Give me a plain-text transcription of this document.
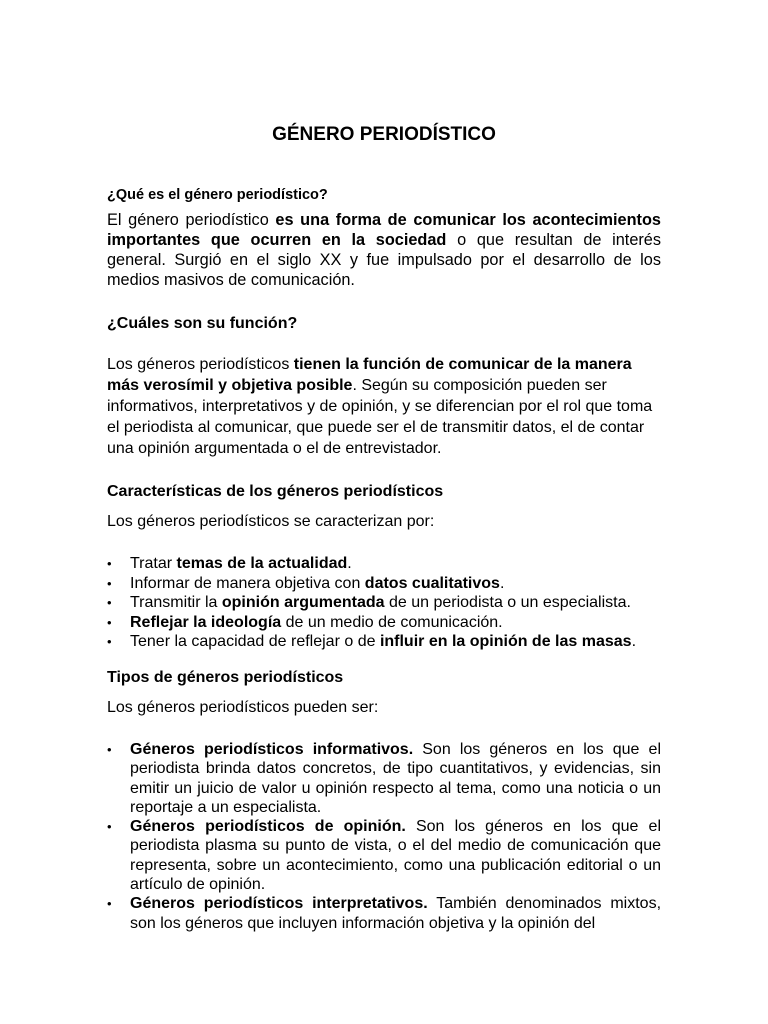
GÉNERO PERIODÍSTICO

¿Qué es el género periodístico?

El género periodístico es una forma de comunicar los acontecimientos importantes que ocurren en la sociedad o que resultan de interés general. Surgió en el siglo XX y fue impulsado por el desarrollo de los medios masivos de comunicación.

¿Cuáles son su función?

Los géneros periodísticos tienen la función de comunicar de la manera más verosímil y objetiva posible. Según su composición pueden ser informativos, interpretativos y de opinión, y se diferencian por el rol que toma el periodista al comunicar, que puede ser el de transmitir datos, el de contar una opinión argumentada o el de entrevistador.

Características de los géneros periodísticos

Los géneros periodísticos se caracterizan por:

• Tratar temas de la actualidad.
• Informar de manera objetiva con datos cualitativos.
• Transmitir la opinión argumentada de un periodista o un especialista.
• Reflejar la ideología de un medio de comunicación.
• Tener la capacidad de reflejar o de influir en la opinión de las masas.

Tipos de géneros periodísticos

Los géneros periodísticos pueden ser:

• Géneros periodísticos informativos. Son los géneros en los que el periodista brinda datos concretos, de tipo cuantitativos, y evidencias, sin emitir un juicio de valor u opinión respecto al tema, como una noticia o un reportaje a un especialista.
• Géneros periodísticos de opinión. Son los géneros en los que el periodista plasma su punto de vista, o el del medio de comunicación que representa, sobre un acontecimiento, como una publicación editorial o un artículo de opinión.
• Géneros periodísticos interpretativos. También denominados mixtos, son los géneros que incluyen información objetiva y la opinión del
